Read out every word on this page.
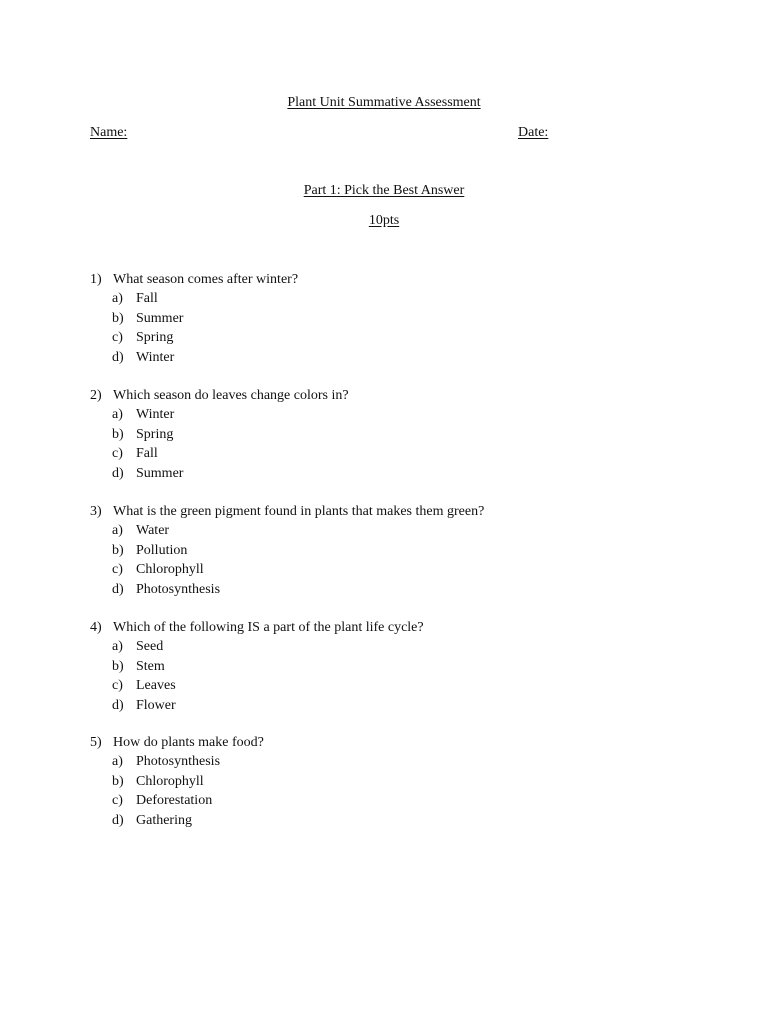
Plant Unit Summative Assessment
Name:	Date:
Part 1: Pick the Best Answer
10pts
1) What season comes after winter?
a) Fall
b) Summer
c) Spring
d) Winter
2) Which season do leaves change colors in?
a) Winter
b) Spring
c) Fall
d) Summer
3) What is the green pigment found in plants that makes them green?
a) Water
b) Pollution
c) Chlorophyll
d) Photosynthesis
4) Which of the following IS a part of the plant life cycle?
a) Seed
b) Stem
c) Leaves
d) Flower
5) How do plants make food?
a) Photosynthesis
b) Chlorophyll
c) Deforestation
d) Gathering
